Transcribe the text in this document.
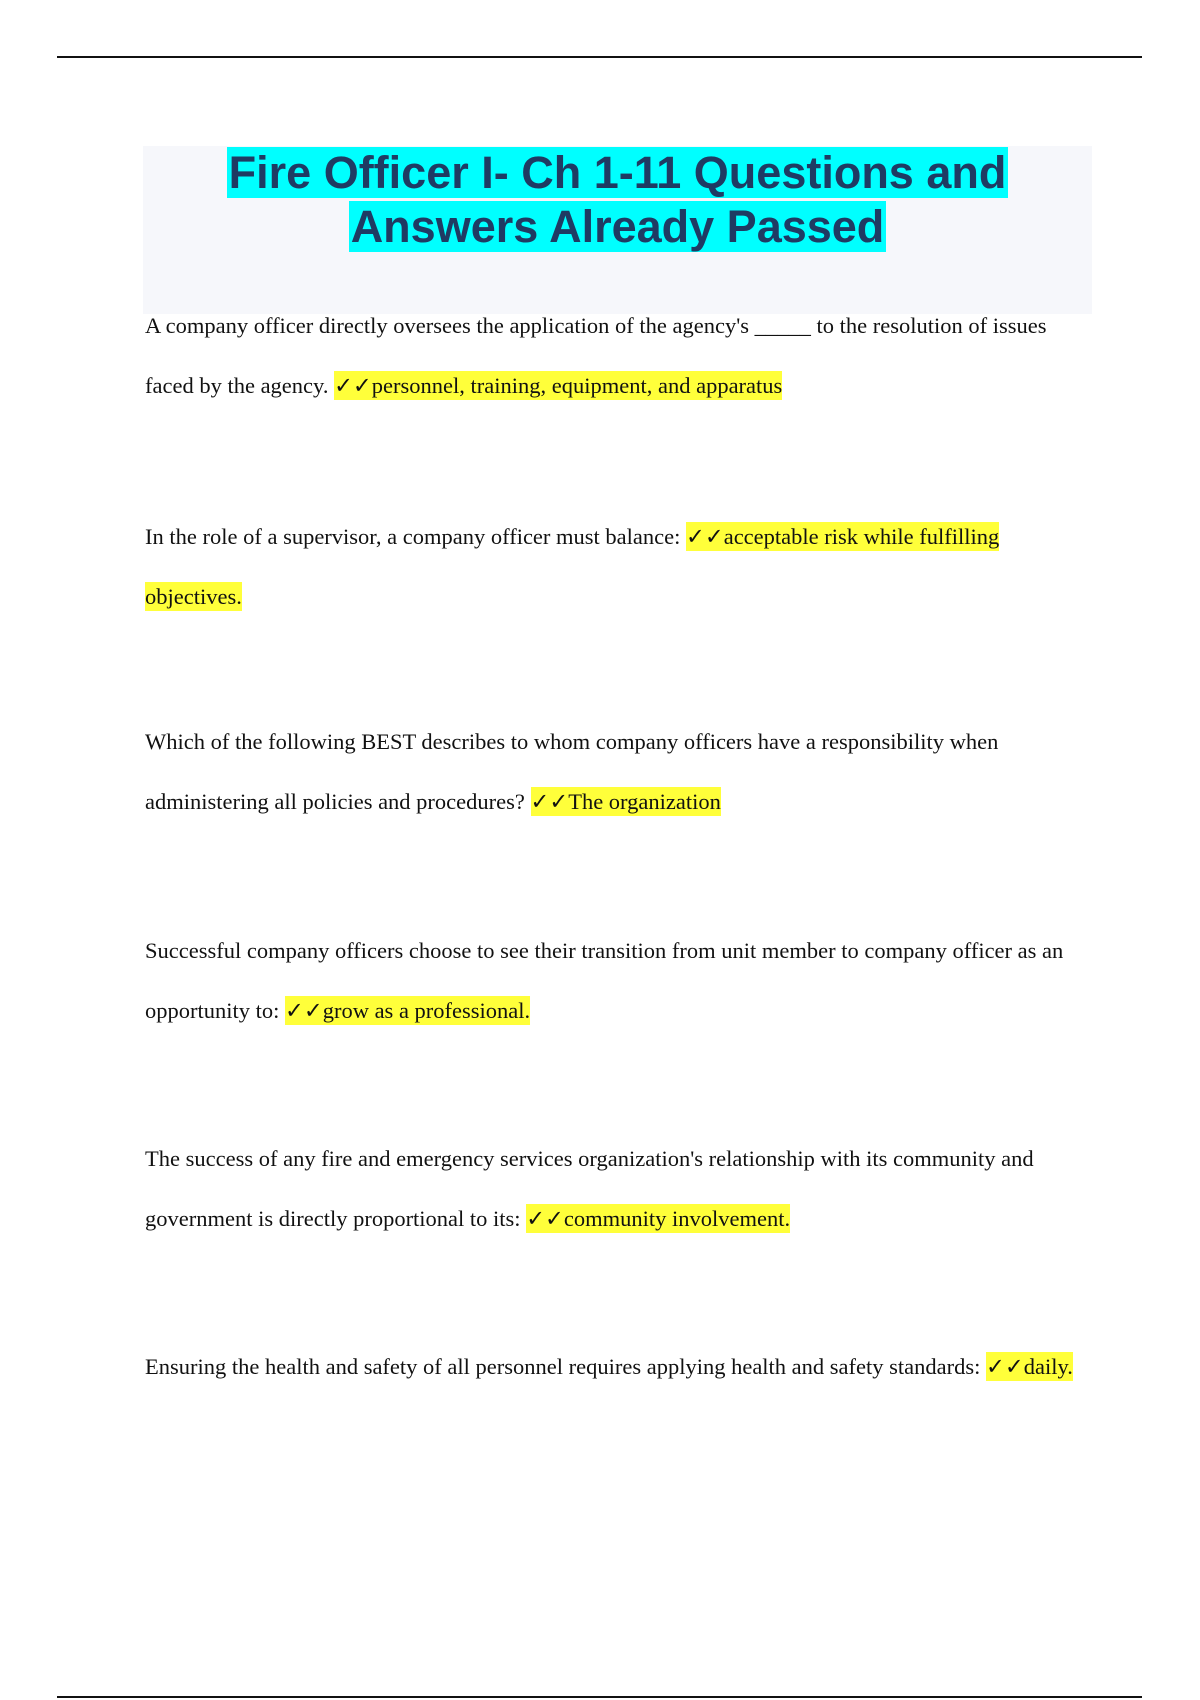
Fire Officer I- Ch 1-11 Questions and
Answers Already Passed

A company officer directly oversees the application of the agency's _____ to the resolution of issues faced by the agency. ✓✓personnel, training, equipment, and apparatus

In the role of a supervisor, a company officer must balance: ✓✓acceptable risk while fulfilling objectives.

Which of the following BEST describes to whom company officers have a responsibility when administering all policies and procedures? ✓✓The organization

Successful company officers choose to see their transition from unit member to company officer as an opportunity to: ✓✓grow as a professional.

The success of any fire and emergency services organization's relationship with its community and government is directly proportional to its: ✓✓community involvement.

Ensuring the health and safety of all personnel requires applying health and safety standards: ✓✓daily.
